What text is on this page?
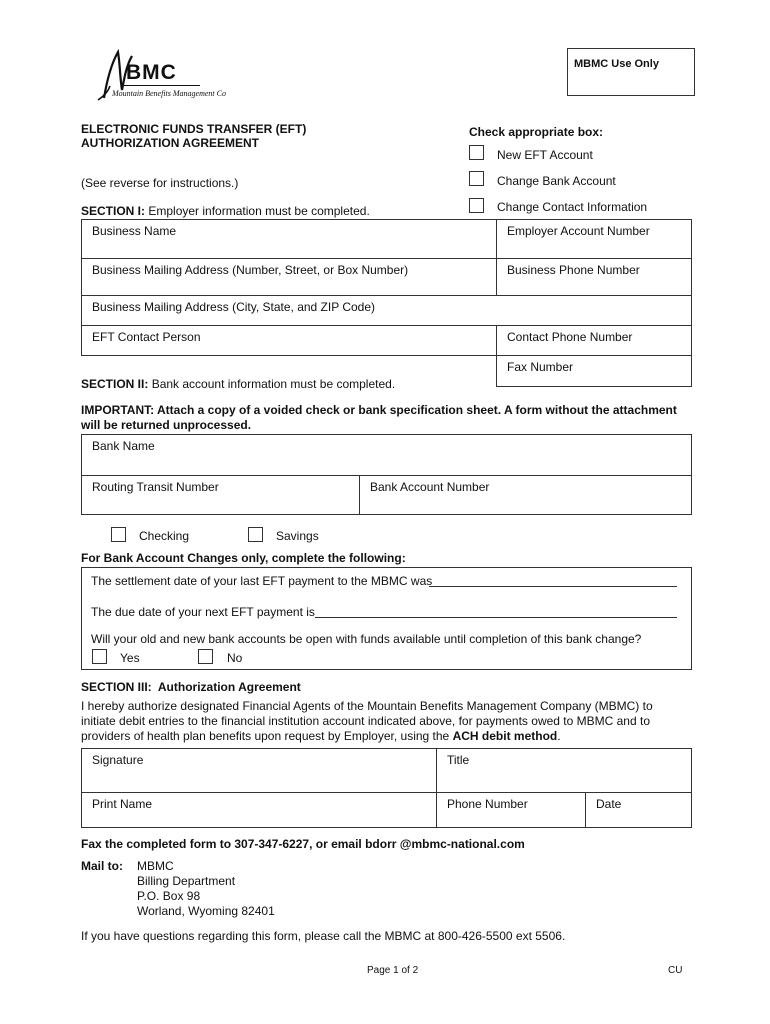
BMC
Mountain Benefits Management Co
MBMC Use Only
ELECTRONIC FUNDS TRANSFER (EFT)
AUTHORIZATION AGREEMENT
Check appropriate box:
New EFT Account
Change Bank Account
Change Contact Information
(See reverse for instructions.)
SECTION I: Employer information must be completed.
Business Name	Employer Account Number
Business Mailing Address (Number, Street, or Box Number)	Business Phone Number
Business Mailing Address (City, State, and ZIP Code)
EFT Contact Person	Contact Phone Number
Fax Number
SECTION II: Bank account information must be completed.
IMPORTANT: Attach a copy of a voided check or bank specification sheet. A form without the attachment
will be returned unprocessed.
Bank Name
Routing Transit Number	Bank Account Number
Checking	Savings
For Bank Account Changes only, complete the following:
The settlement date of your last EFT payment to the MBMC was
The due date of your next EFT payment is
Will your old and new bank accounts be open with funds available until completion of this bank change?
Yes	No
SECTION III:  Authorization Agreement
I hereby authorize designated Financial Agents of the Mountain Benefits Management Company (MBMC) to
initiate debit entries to the financial institution account indicated above, for payments owed to MBMC and to
providers of health plan benefits upon request by Employer, using the ACH debit method.
Signature	Title
Print Name	Phone Number	Date
Fax the completed form to 307-347-6227, or email bdorr @mbmc-national.com
Mail to: MBMC
Billing Department
P.O. Box 98
Worland, Wyoming 82401
If you have questions regarding this form, please call the MBMC at 800-426-5500 ext 5506.
Page 1 of 2	CU
